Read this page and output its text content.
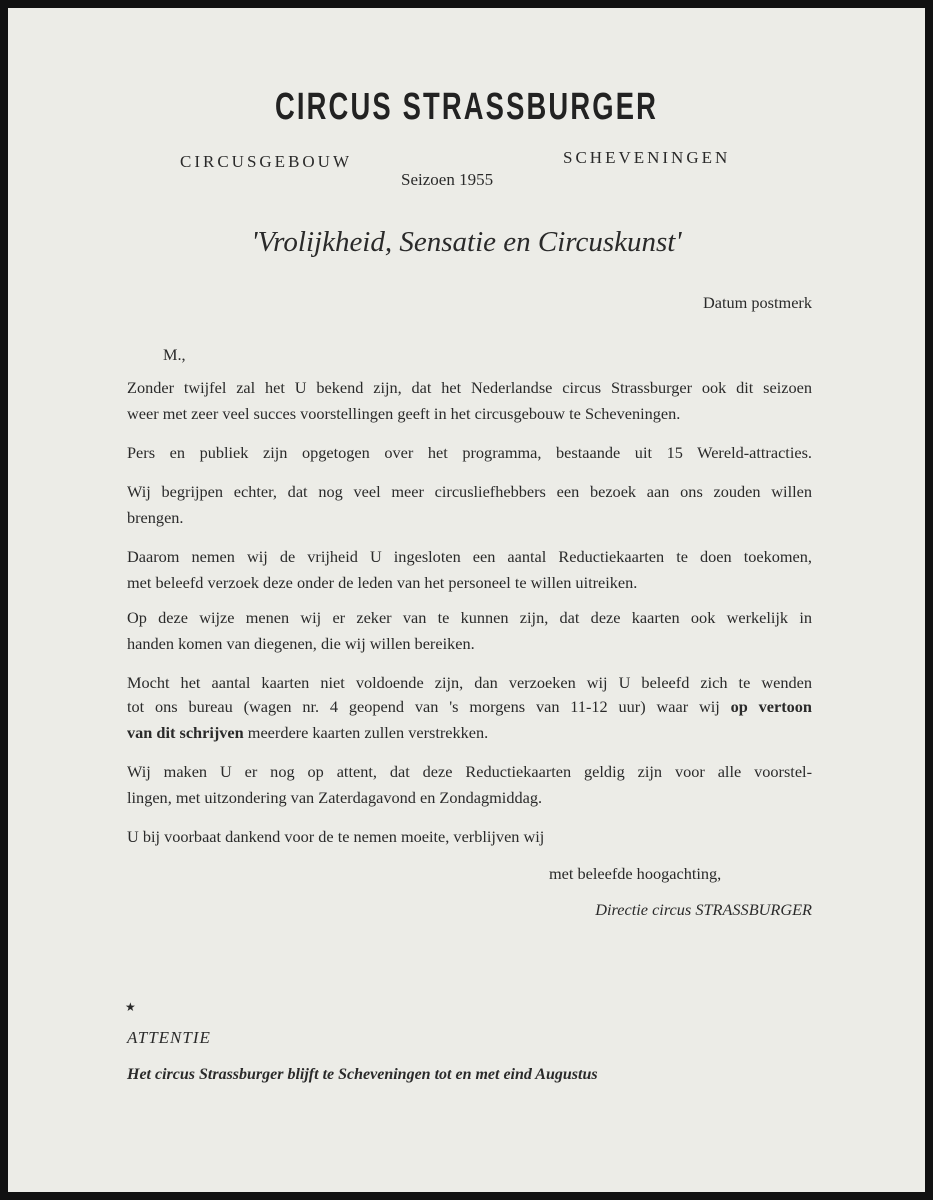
CIRCUS STRASSBURGER
CIRCUSGEBOUW	SCHEVENINGEN
Seizoen 1955
'Vrolijkheid, Sensatie en Circuskunst'
Datum postmerk
M.,
Zonder twijfel zal het U bekend zijn, dat het Nederlandse circus Strassburger ook dit seizoen
weer met zeer veel succes voorstellingen geeft in het circusgebouw te Scheveningen.
Pers en publiek zijn opgetogen over het programma, bestaande uit 15 Wereld-attracties.
Wij begrijpen echter, dat nog veel meer circusliefhebbers een bezoek aan ons zouden willen
brengen.
Daarom nemen wij de vrijheid U ingesloten een aantal Reductiekaarten te doen toekomen,
met beleefd verzoek deze onder de leden van het personeel te willen uitreiken.
Op deze wijze menen wij er zeker van te kunnen zijn, dat deze kaarten ook werkelijk in
handen komen van diegenen, die wij willen bereiken.
Mocht het aantal kaarten niet voldoende zijn, dan verzoeken wij U beleefd zich te wenden
tot ons bureau (wagen nr. 4 geopend van 's morgens van 11-12 uur) waar wij op vertoon
van dit schrijven meerdere kaarten zullen verstrekken.
Wij maken U er nog op attent, dat deze Reductiekaarten geldig zijn voor alle voorstel-
lingen, met uitzondering van Zaterdagavond en Zondagmiddag.
U bij voorbaat dankend voor de te nemen moeite, verblijven wij
met beleefde hoogachting,
Directie circus STRASSBURGER
★
ATTENTIE
Het circus Strassburger blijft te Scheveningen tot en met eind Augustus
